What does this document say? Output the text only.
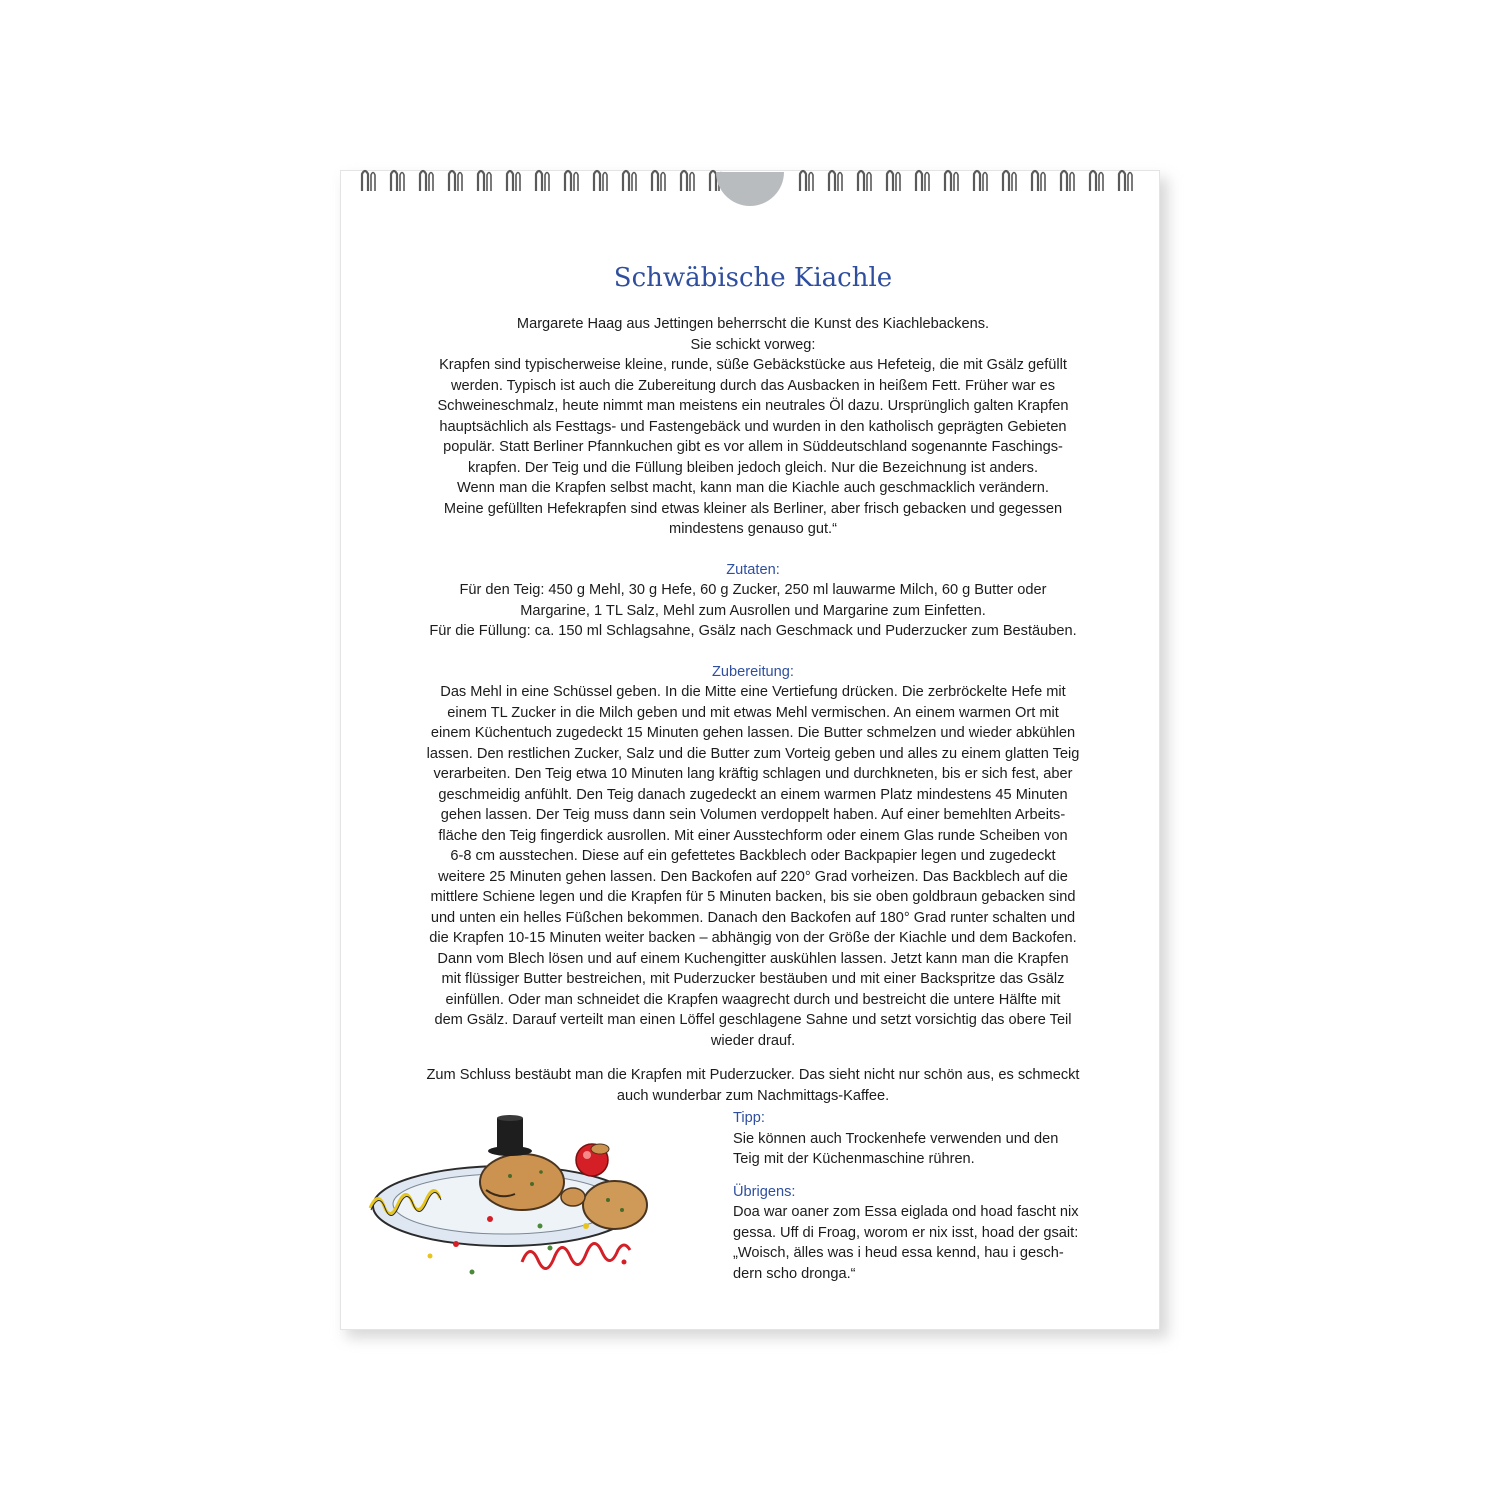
Schwäbische Kiachle

Margarete Haag aus Jettingen beherrscht die Kunst des Kiachlebackens.

Sie schickt vorweg:

Krapfen sind typischerweise kleine, runde, süße Gebäckstücke aus Hefeteig, die mit Gsälz gefüllt

werden. Typisch ist auch die Zubereitung durch das Ausbacken in heißem Fett. Früher war es

Schweineschmalz, heute nimmt man meistens ein neutrales Öl dazu. Ursprünglich galten Krapfen

hauptsächlich als Festtags- und Fastengebäck und wurden in den katholisch geprägten Gebieten

populär. Statt Berliner Pfannkuchen gibt es vor allem in Süddeutschland sogenannte Faschings-

krapfen. Der Teig und die Füllung bleiben jedoch gleich. Nur die Bezeichnung ist anders.

Wenn man die Krapfen selbst macht, kann man die Kiachle auch geschmacklich verändern.

Meine gefüllten Hefekrapfen sind etwas kleiner als Berliner, aber frisch gebacken und gegessen

mindestens genauso gut.“

Zutaten:

Für den Teig: 450 g Mehl, 30 g Hefe, 60 g Zucker, 250 ml lauwarme Milch, 60 g Butter oder

Margarine, 1 TL Salz, Mehl zum Ausrollen und Margarine zum Einfetten.

Für die Füllung: ca. 150 ml Schlagsahne, Gsälz nach Geschmack und Puderzucker zum Bestäuben.

Zubereitung:

Das Mehl in eine Schüssel geben. In die Mitte eine Vertiefung drücken. Die zerbröckelte Hefe mit

einem TL Zucker in die Milch geben und mit etwas Mehl vermischen. An einem warmen Ort mit

einem Küchentuch zugedeckt 15 Minuten gehen lassen. Die Butter schmelzen und wieder abkühlen

lassen. Den restlichen Zucker, Salz und die Butter zum Vorteig geben und alles zu einem glatten Teig

verarbeiten. Den Teig etwa 10 Minuten lang kräftig schlagen und durchkneten, bis er sich fest, aber

geschmeidig anfühlt. Den Teig danach zugedeckt an einem warmen Platz mindestens 45 Minuten

gehen lassen. Der Teig muss dann sein Volumen verdoppelt haben. Auf einer bemehlten Arbeits-

fläche den Teig fingerdick ausrollen. Mit einer Ausstechform oder einem Glas runde Scheiben von

6-8 cm ausstechen. Diese auf ein gefettetes Backblech oder Backpapier legen und zugedeckt

weitere 25 Minuten gehen lassen. Den Backofen auf 220° Grad vorheizen. Das Backblech auf die

mittlere Schiene legen und die Krapfen für 5 Minuten backen, bis sie oben goldbraun gebacken sind

und unten ein helles Füßchen bekommen. Danach den Backofen auf 180° Grad runter schalten und

die Krapfen 10-15 Minuten weiter backen – abhängig von der Größe der Kiachle und dem Backofen.

Dann vom Blech lösen und auf einem Kuchengitter auskühlen lassen. Jetzt kann man die Krapfen

mit flüssiger Butter bestreichen, mit Puderzucker bestäuben und mit einer Backspritze das Gsälz

einfüllen. Oder man schneidet die Krapfen waagrecht durch und bestreicht die untere Hälfte mit

dem Gsälz. Darauf verteilt man einen Löffel geschlagene Sahne und setzt vorsichtig das obere Teil

wieder drauf.

Zum Schluss bestäubt man die Krapfen mit Puderzucker. Das sieht nicht nur schön aus, es schmeckt

auch wunderbar zum Nachmittags-Kaffee.

Tipp:

Sie können auch Trockenhefe verwenden und den

Teig mit der Küchenmaschine rühren.

Übrigens:

Doa war oaner zom Essa eiglada ond hoad fascht nix

gessa. Uff di Froag, worom er nix isst, hoad der gsait:

„Woisch, älles was i heud essa kennd, hau i gesch-

dern scho dronga.“
